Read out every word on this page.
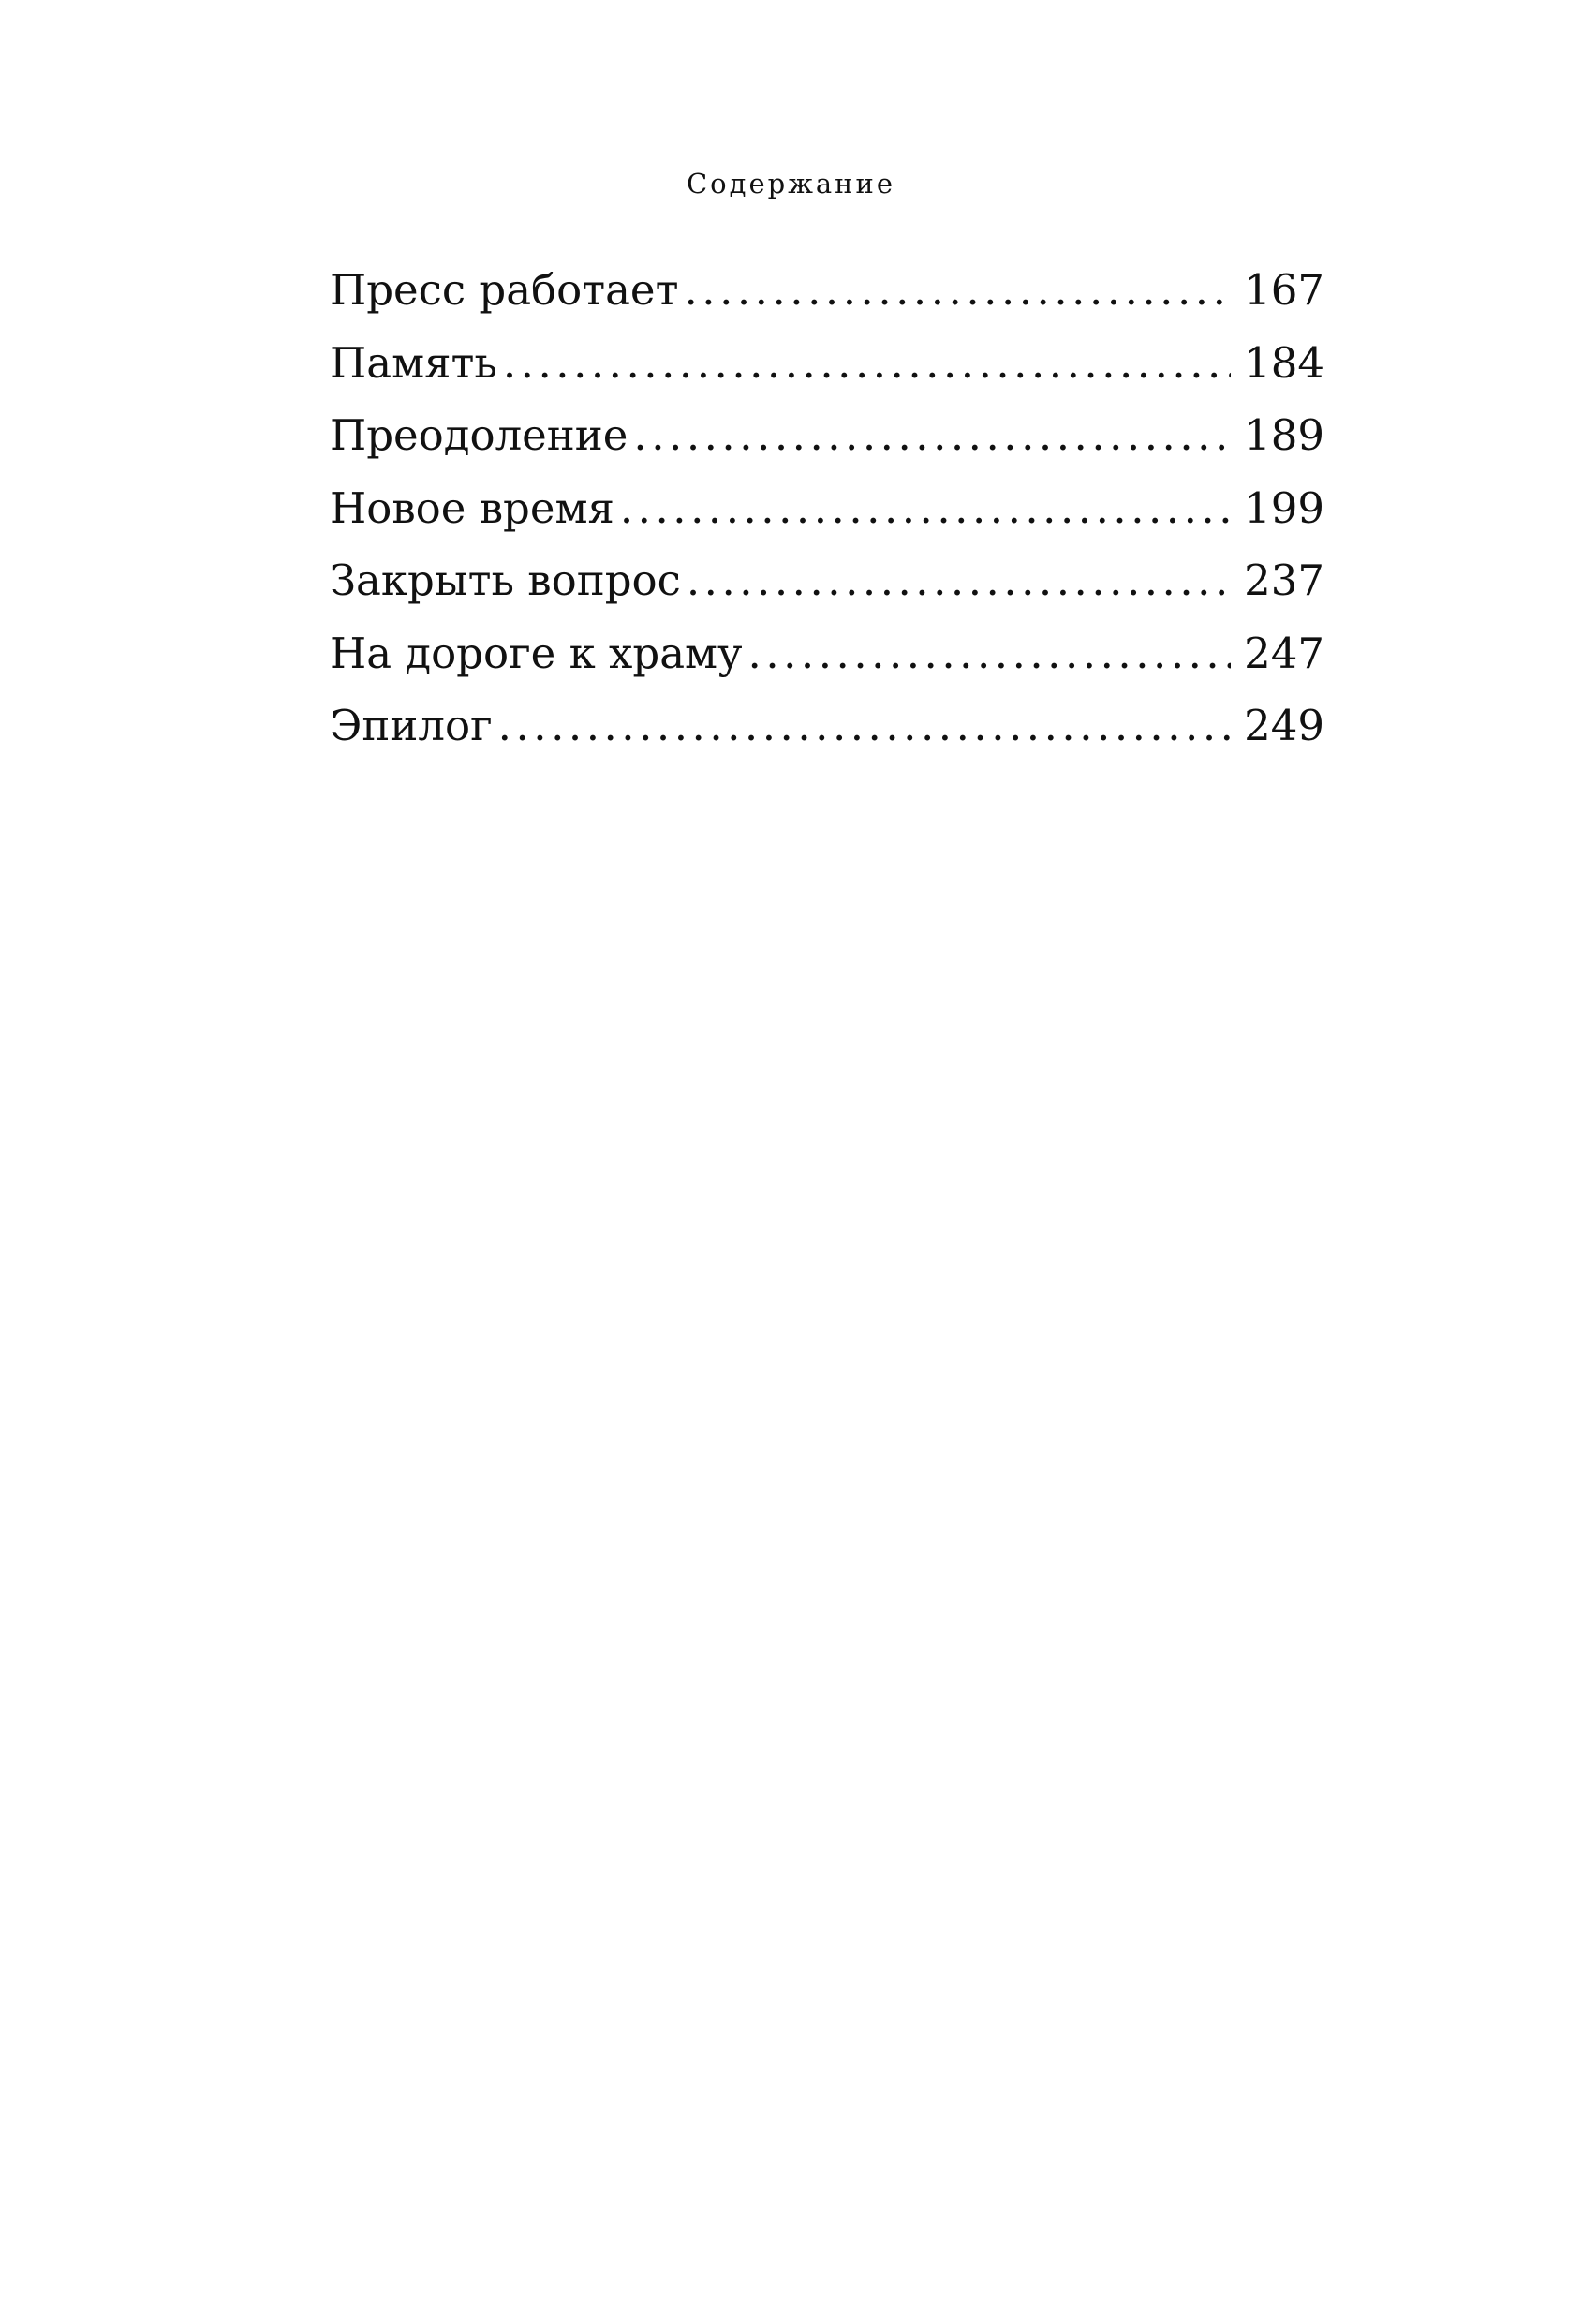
Содержание
Пресс работает .....	167
Память .....	184
Преодоление .....	189
Новое время .....	199
Закрыть вопрос .....	237
На дороге к храму .....	247
Эпилог .....	249
